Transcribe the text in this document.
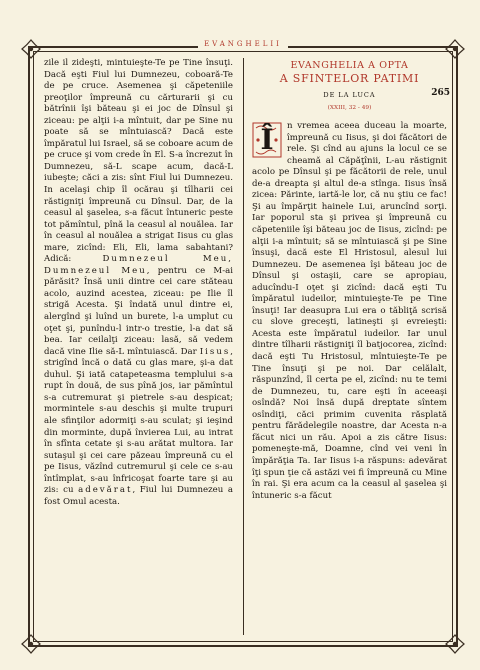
EVANGHELII
265

zile il zideşti, mintuieşte-Te pe Tine însuţi. Dacă eşti Fiul lui Dumnezeu, coboară-Te de pe cruce. Asemenea şi căpeteniile preoţilor împreună cu cărturarii şi cu bătrînii îşi băteau şi ei joc de Dînsul şi ziceau: pe alţii i-a mîntuit, dar pe Sine nu poate să se mîntuiască? Dacă este împăratul lui Israel, să se coboare acum de pe cruce şi vom crede în El. S-a încrezut în Dumnezeu, să-L scape acum, dacă-L iubeşte; căci a zis: sînt Fiul lui Dumnezeu. In acelaşi chip îl ocărau şi tîlharii cei răstigniţi împreună cu Dînsul. Dar, de la ceasul al şaselea, s-a făcut întuneric peste tot pămîntul, pînă la ceasul al nouălea. Iar în ceasul al nouălea a strigat Iisus cu glas mare, zicînd: Eli, Eli, lama sabahtani? Adică: Dumnezeul Meu, Dumnezeul Meu, pentru ce M-ai părăsit? Însă unii dintre cei care stăteau acolo, auzind acestea, ziceau: pe Ilie îl strigă Acesta. Şi îndată unul dintre ei, alergînd şi luînd un burete, l-a umplut cu oţet şi, punîndu-l intr-o trestie, l-a dat să bea. Iar ceilalţi ziceau: lasă, să vedem dacă vine Ilie să-L mîntuiască. Dar Iisus, strigînd încă o dată cu glas mare, şi-a dat duhul. Şi iată catapeteasma templului s-a rupt în două, de sus pînă jos, iar pămîntul s-a cutremurat şi pietrele s-au despicat; mormintele s-au deschis şi multe trupuri ale sfinţilor adormiţi s-au sculat; şi ieşind din morminte, după învierea Lui, au intrat în sfînta cetate şi s-au arătat multora. Iar sutaşul şi cei care păzeau împreună cu el pe Iisus, văzînd cutremurul şi cele ce s-au întîmplat, s-au înfricoşat foarte tare şi au zis: cu adevărat, Fiul lui Dumnezeu a fost Omul acesta.

EVANGHELIA A OPTA
A SFINTELOR PATIMI
DE LA LUCA
(XXIII, 32 - 49)

Î	n vremea aceea duceau la moarte, împreună cu Iisus, şi doi făcători de rele. Şi cînd au ajuns la locul ce se cheamă al Căpăţînii, L-au răstignit acolo pe Dînsul şi pe făcătorii de rele, unul de-a dreapta şi altul de-a stînga. Iisus însă zicea: Părinte, iartă-le lor, că nu ştiu ce fac! Şi au împărţit hainele Lui, aruncînd sorţi. Iar poporul sta şi privea şi împreună cu căpeteniile îşi băteau joc de Iisus, zicînd: pe alţii i-a mîntuit; să se mîntuiască şi pe Sine însuşi, dacă este El Hristosul, alesul lui Dumnezeu. De asemenea îşi băteau joc de Dînsul şi ostaşii, care se apropiau, aducîndu-I oţet şi zicînd: dacă eşti Tu împăratul iudeilor, mintuieşte-Te pe Tine însuţi! Iar deasupra Lui era o tăbliţă scrisă cu slove greceşti, latineşti şi evreieşti: Acesta este împăratul iudeilor. Iar unul dintre tîlharii răstigniţi îl batjocorea, zicînd: dacă eşti Tu Hristosul, mîntuieşte-Te pe Tine însuţi şi pe noi. Dar celălalt, răspunzînd, îl certa pe el, zicînd: nu te temi de Dumnezeu, tu, care eşti în aceeaşi osîndă? Noi însă după dreptate sîntem osîndiţi, căci primim cuvenita răsplată pentru fărădelegile noastre, dar Acesta n-a făcut nici un rău. Apoi a zis către Iisus: pomeneşte-mă, Doamne, cînd vei veni în împărăţia Ta. Iar Iisus i-a răspuns: adevărat îţi spun ţie că astăzi vei fi împreună cu Mine în rai. Şi era acum ca la ceasul al şaselea şi întuneric s-a făcut
